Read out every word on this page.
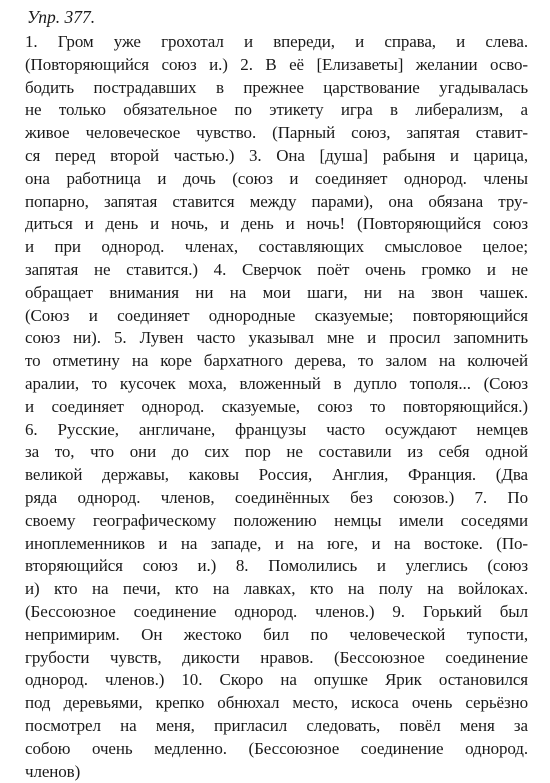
Упр. 377.
1. Гром уже грохотал и впереди, и справа, и слева.
(Повторяющийся союз и.) 2. В её [Елизаветы] желании осво-
бодить пострадавших в прежнее царствование угадывалась
не только обязательное по этикету игра в либерализм, а
живое человеческое чувство. (Парный союз, запятая ставит-
ся перед второй частью.) 3. Она [душа] рабыня и царица,
она работница и дочь (союз и соединяет однород. члены
попарно, запятая ставится между парами), она обязана тру-
диться и день и ночь, и день и ночь! (Повторяющийся союз
и при однород. членах, составляющих смысловое целое;
запятая не ставится.) 4. Сверчок поёт очень громко и не
обращает внимания ни на мои шаги, ни на звон чашек.
(Союз и соединяет однородные сказуемые; повторяющийся
союз ни). 5. Лувен часто указывал мне и просил запомнить
то отметину на коре бархатного дерева, то залом на колючей
аралии, то кусочек моха, вложенный в дупло тополя... (Союз
и соединяет однород. сказуемые, союз то повторяющийся.)
6. Русские, англичане, французы часто осуждают немцев
за то, что они до сих пор не составили из себя одной
великой державы, каковы Россия, Англия, Франция. (Два
ряда однород. членов, соединённых без союзов.) 7. По
своему географическому положению немцы имели соседями
иноплеменников и на западе, и на юге, и на востоке. (По-
вторяющийся союз и.) 8. Помолились и улеглись (союз
и) кто на печи, кто на лавках, кто на полу на войлоках.
(Бессоюзное соединение однород. членов.) 9. Горький был
непримирим. Он жестоко бил по человеческой тупости,
грубости чувств, дикости нравов. (Бессоюзное соединение
однород. членов.) 10. Скоро на опушке Ярик остановился
под деревьями, крепко обнюхал место, искоса очень серьёзно
посмотрел на меня, пригласил следовать, повёл меня за
собою очень медленно. (Бессоюзное соединение однород.
членов)
